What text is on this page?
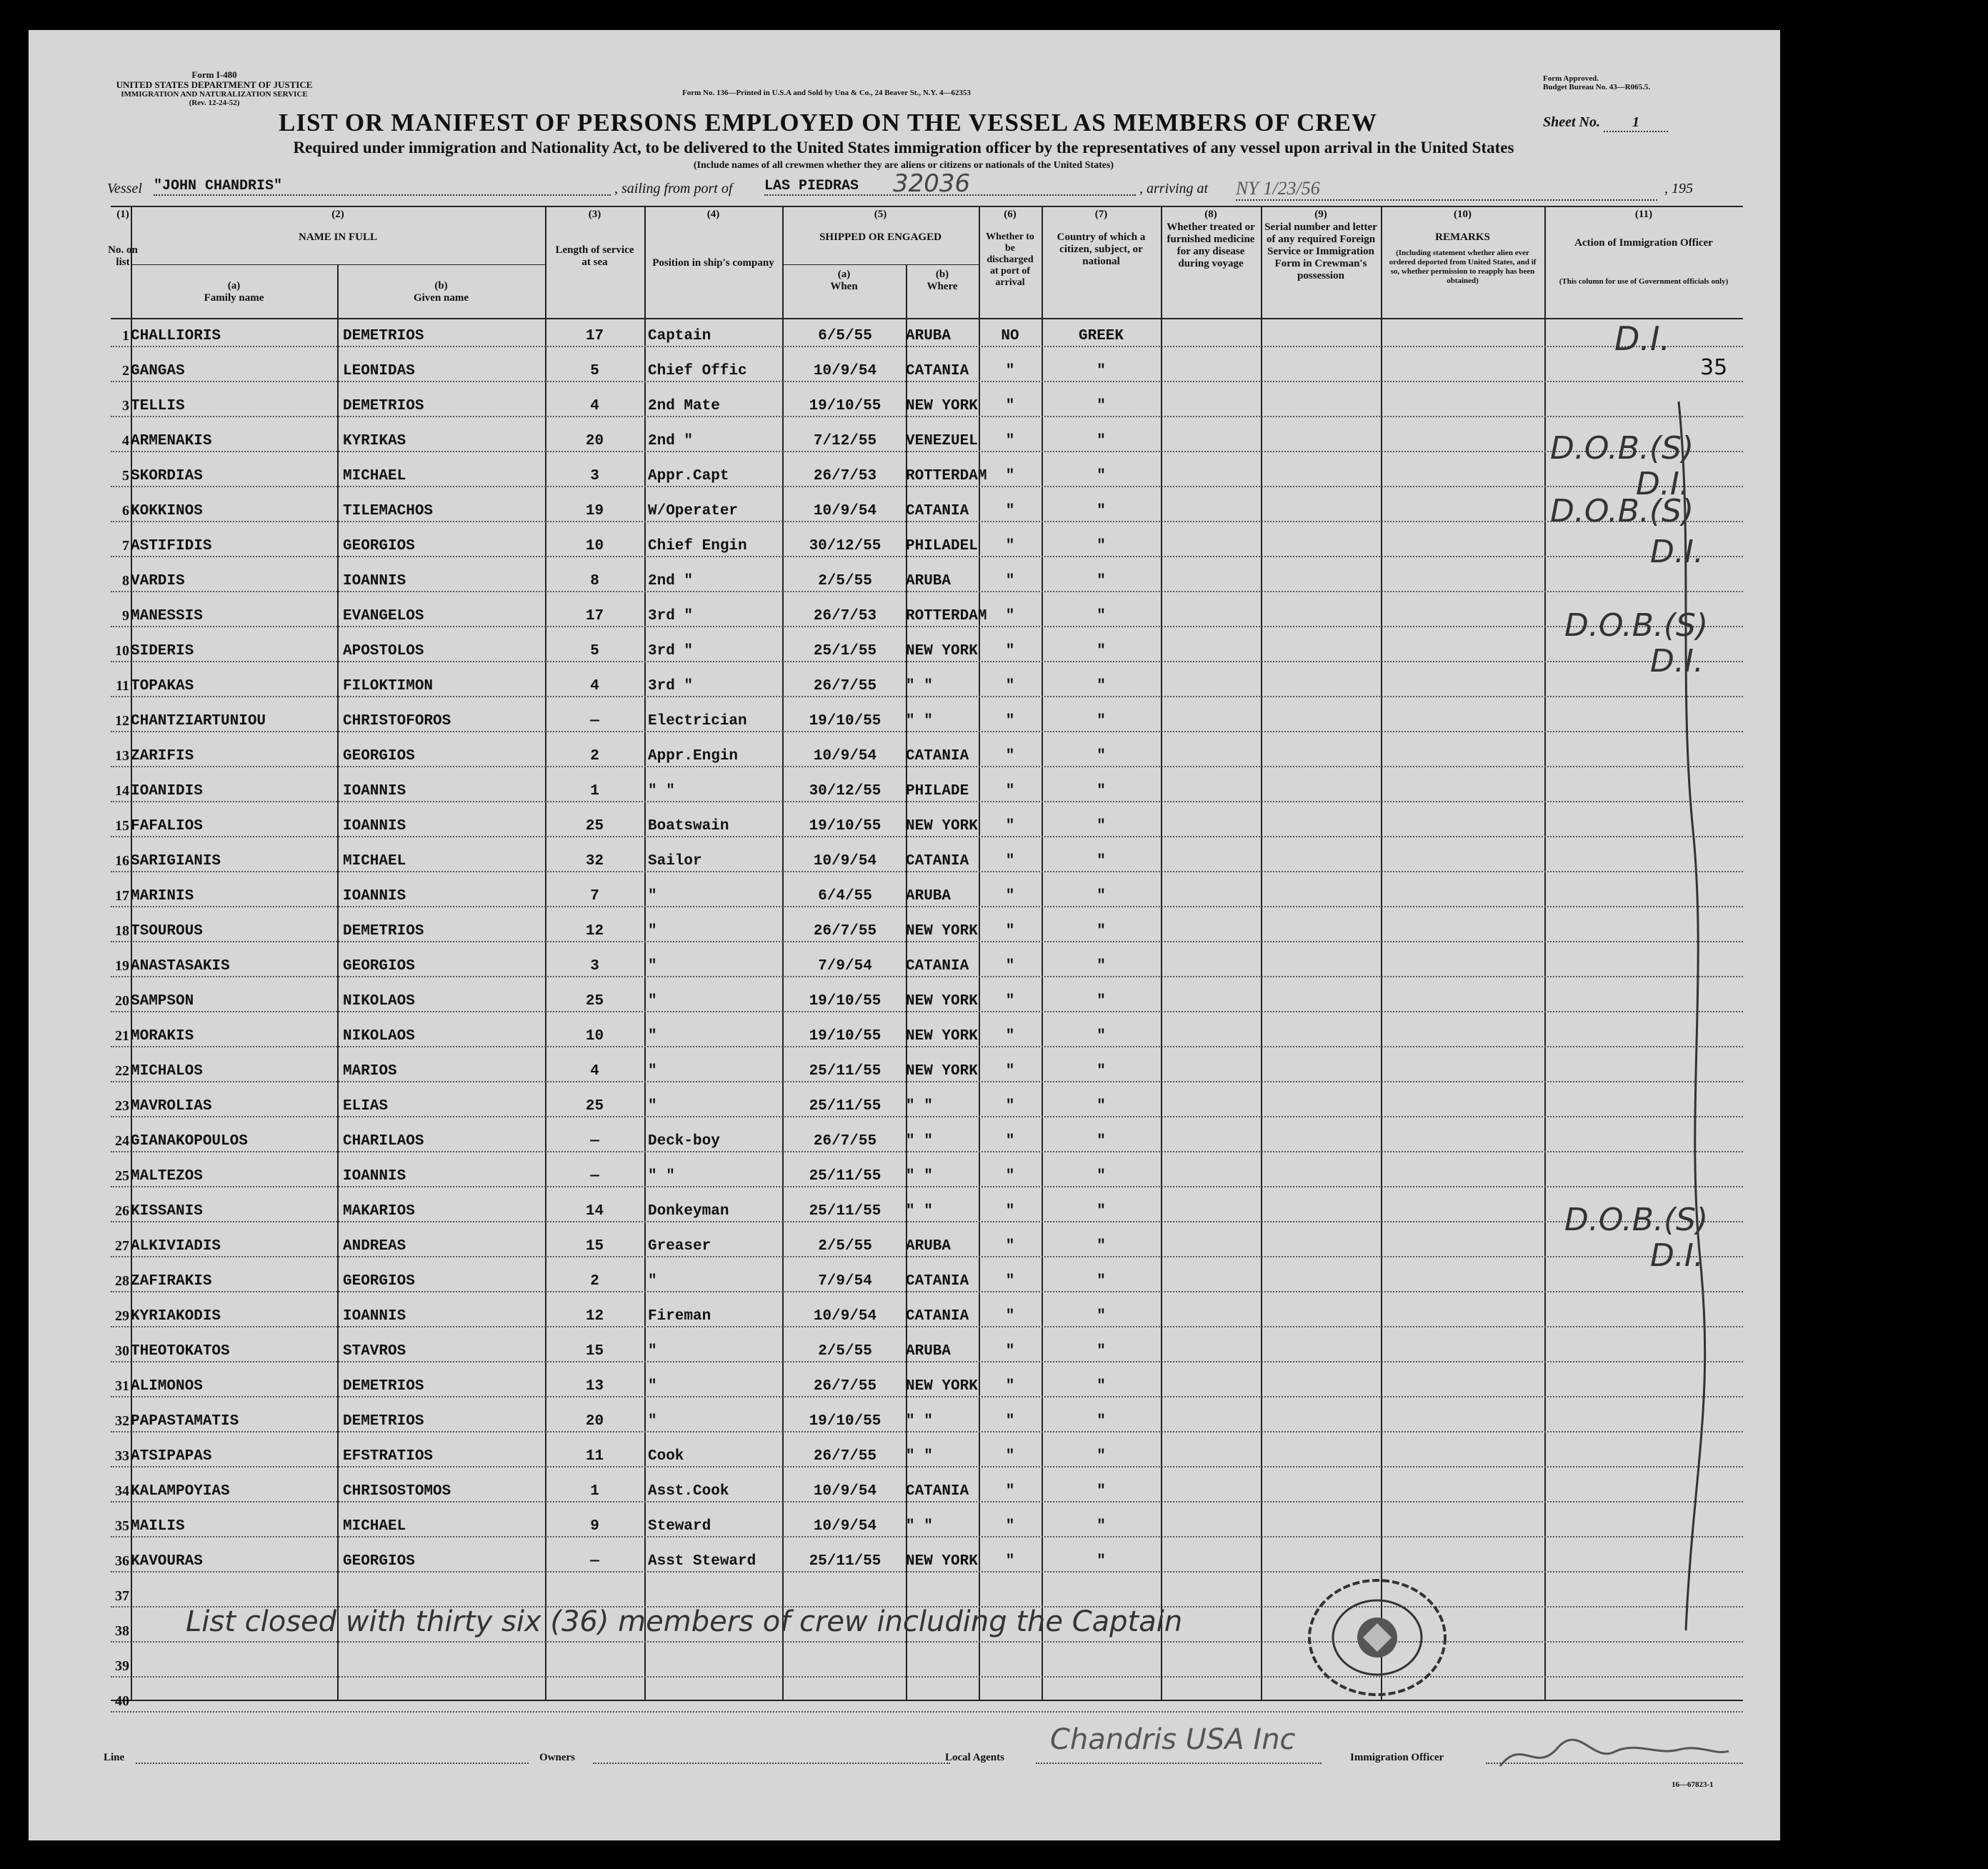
Form I-480
UNITED STATES DEPARTMENT OF JUSTICE
IMMIGRATION AND NATURALIZATION SERVICE
(Rev. 12-24-52)
Form No. 136—Printed in U.S.A and Sold by Una & Co., 24 Beaver St., N.Y. 4—62353
Form Approved.
Budget Bureau No. 43—R065.5.
LIST OR MANIFEST OF PERSONS EMPLOYED ON THE VESSEL AS MEMBERS OF CREW	Sheet No. 1
Required under immigration and Nationality Act, to be delivered to the United States immigration officer by the representatives of any vessel upon arrival in the United States
(Include names of all crewmen whether they are aliens or citizens or nationals of the United States)
Vessel "JOHN CHANDRIS"	, sailing from port of LAS PIEDRAS	32036	, arriving at NY 1/23/56	, 195
(1)
No. on list
(2)
NAME IN FULL
(a)
Family name
(b)
Given name
(3)
Length of service at sea
(4)
Position in ship's company
(5)
SHIPPED OR ENGAGED
(a)
When
(b)
Where
(6)
Whether to be discharged at port of arrival
(7)
Country of which a citizen, subject, or national
(8)
Whether treated or furnished medicine for any disease during voyage
(9)
Serial number and letter of any required Foreign Service or Immigration Form in Crewman's possession
(10)
REMARKS
(Including statement whether alien ever ordered deported from United States, and if so, whether permission to reapply has been obtained)
(11)
Action of Immigration Officer
(This column for use of Government officials only)
1 CHALLIORIS	DEMETRIOS	17	Captain	6/5/55	ARUBA	NO	GREEK
2 GANGAS	LEONIDAS	5	Chief Offic	10/9/54	CATANIA	"	"
3 TELLIS	DEMETRIOS	4	2nd Mate	19/10/55	NEW YORK	"	"
4 ARMENAKIS	KYRIKAS	20	2nd "	7/12/55	VENEZUEL	"	"
5 SKORDIAS	MICHAEL	3	Appr.Capt	26/7/53	ROTTERDAM	"	"
6 KOKKINOS	TILEMACHOS	19	W/Operater	10/9/54	CATANIA	"	"
7 ASTIFIDIS	GEORGIOS	10	Chief Engin	30/12/55	PHILADEL	"	"
8 VARDIS	IOANNIS	8	2nd "	2/5/55	ARUBA	"	"
9 MANESSIS	EVANGELOS	17	3rd "	26/7/53	ROTTERDAM	"	"
10 SIDERIS	APOSTOLOS	5	3rd "	25/1/55	NEW YORK	"	"
11 TOPAKAS	FILOKTIMON	4	3rd "	26/7/55	" "	"	"
12 CHANTZIARTUNIOU	CHRISTOFOROS	—	Electrician	19/10/55	" "	"	"
13 ZARIFIS	GEORGIOS	2	Appr.Engin	10/9/54	CATANIA	"	"
14 IOANIDIS	IOANNIS	1	" "	30/12/55	PHILADE	"	"
15 FAFALIOS	IOANNIS	25	Boatswain	19/10/55	NEW YORK	"	"
16 SARIGIANIS	MICHAEL	32	Sailor	10/9/54	CATANIA	"	"
17 MARINIS	IOANNIS	7	"	6/4/55	ARUBA	"	"
18 TSOUROUS	DEMETRIOS	12	"	26/7/55	NEW YORK	"	"
19 ANASTASAKIS	GEORGIOS	3	"	7/9/54	CATANIA	"	"
20 SAMPSON	NIKOLAOS	25	"	19/10/55	NEW YORK	"	"
21 MORAKIS	NIKOLAOS	10	"	19/10/55	NEW YORK	"	"
22 MICHALOS	MARIOS	4	"	25/11/55	NEW YORK	"	"
23 MAVROLIAS	ELIAS	25	"	25/11/55	" "	"	"
24 GIANAKOPOULOS	CHARILAOS	—	Deck-boy	26/7/55	" "	"	"
25 MALTEZOS	IOANNIS	—	" "	25/11/55	" "	"	"
26 KISSANIS	MAKARIOS	14	Donkeyman	25/11/55	" "	"	"
27 ALKIVIADIS	ANDREAS	15	Greaser	2/5/55	ARUBA	"	"
28 ZAFIRAKIS	GEORGIOS	2	"	7/9/54	CATANIA	"	"
29 KYRIAKODIS	IOANNIS	12	Fireman	10/9/54	CATANIA	"	"
30 THEOTOKATOS	STAVROS	15	"	2/5/55	ARUBA	"	"
31 ALIMONOS	DEMETRIOS	13	"	26/7/55	NEW YORK	"	"
32 PAPASTAMATIS	DEMETRIOS	20	"	19/10/55	" "	"	"
33 ATSIPAPAS	EFSTRATIOS	11	Cook	26/7/55	" "	"	"
34 KALAMPOYIAS	CHRISOSTOMOS	1	Asst.Cook	10/9/54	CATANIA	"	"
35 MAILIS	MICHAEL	9	Steward	10/9/54	" "	"	"
36 KAVOURAS	GEORGIOS	—	Asst Steward	25/11/55	NEW YORK	"	"
37
38
39
40
35
D.I.
D.O.B.(S)
D.I.
D.O.B.(S)
D.I.
D.O.B.(S)
D.I.
D.O.B.(S)
D.I.
List closed with thirty six (36) members of crew including the Captain
Line	Owners	Local Agents
Chandris USA Inc
Immigration Officer
16—67823-1
